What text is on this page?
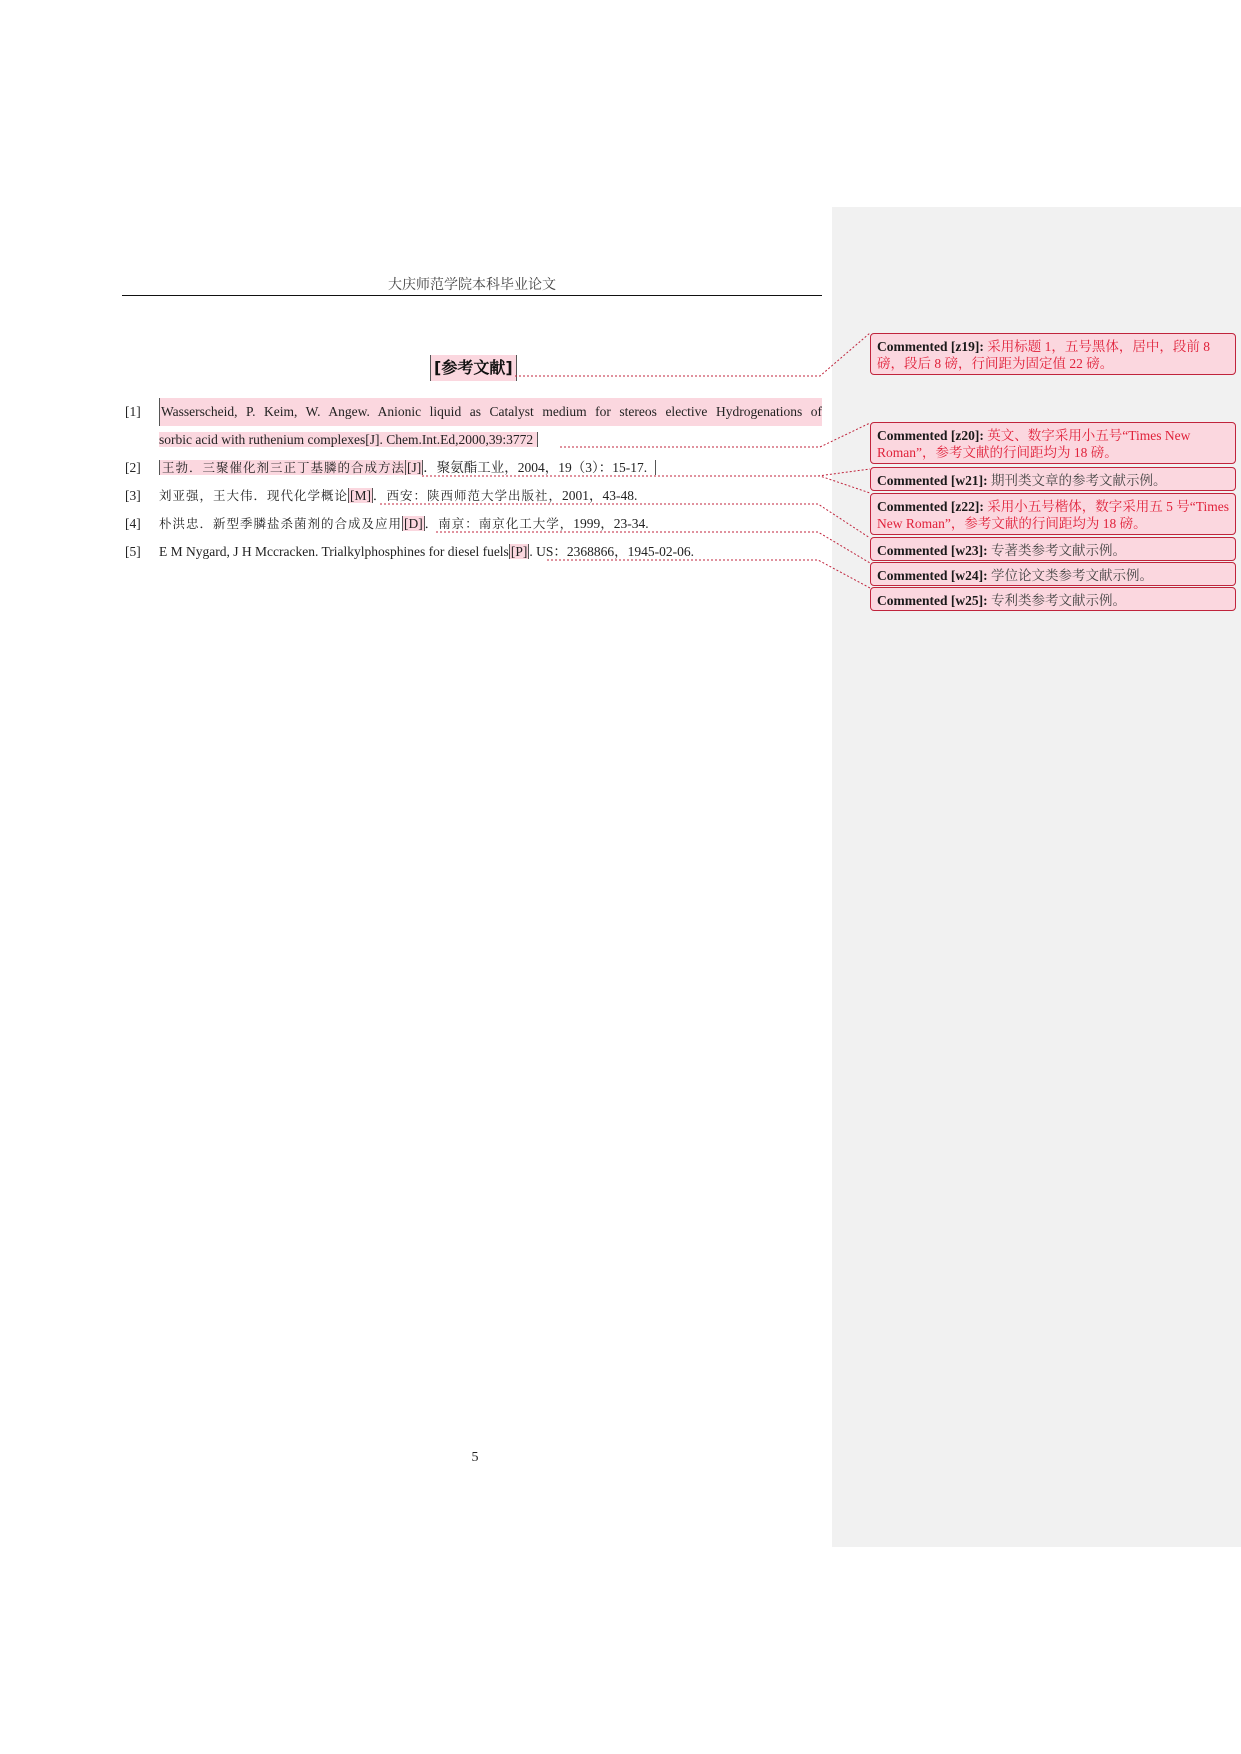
大庆师范学院本科毕业论文
[参考文献]
[1]	Wasserscheid, P. Keim, W. Angew. Anionic liquid as Catalyst medium for stereos elective Hydrogenations of
sorbic acid with ruthenium complexes[J]. Chem.Int.Ed,2000,39:3772
[2]	王勃．三聚催化剂三正丁基膦的合成方法 [J] ．聚氨酯工业，2004，19（3）：15-17.
[3]	刘亚强，王大伟．现代化学概论 [M] ．西安：陕西师范大学出版社，2001，43-48.
[4]	朴洪忠．新型季膦盐杀菌剂的合成及应用 [D] ．南京：南京化工大学，1999，23-34.
[5]	E M Nygard, J H Mccracken. Trialkylphosphines for diesel fuels [P] . US：2368866，1945-02-06.
5
Commented [z19]: 采用标题 1，五号黑体，居中，段前 8 磅，段后 8 磅，行间距为固定值 22 磅。
Commented [z20]: 英文、数字采用小五号“Times New Roman”，参考文献的行间距均为 18 磅。
Commented [w21]: 期刊类文章的参考文献示例。
Commented [z22]: 采用小五号楷体，数字采用五 5 号“Times New Roman”，参考文献的行间距均为 18 磅。
Commented [w23]: 专著类参考文献示例。
Commented [w24]: 学位论文类参考文献示例。
Commented [w25]: 专利类参考文献示例。
